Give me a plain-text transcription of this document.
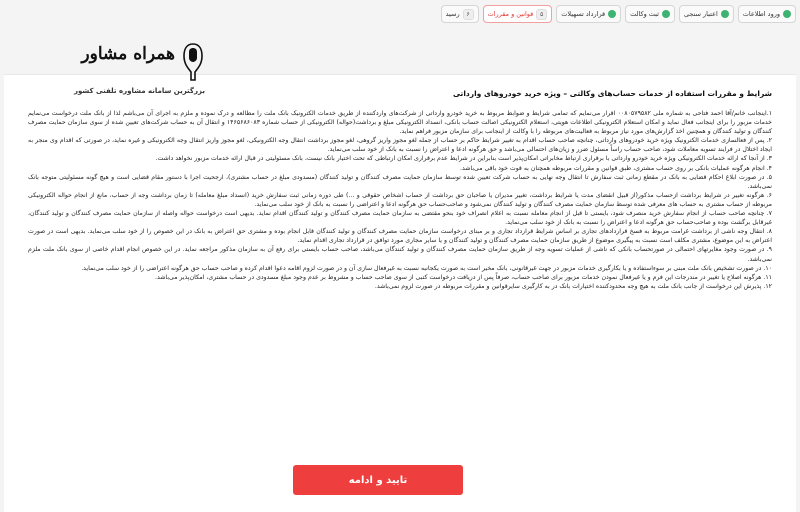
ورود اطلاعات
اعتبار سنجی
ثبت وکالت
قرارداد تسهیلات
۵
قوانین و مقررات
۶
رسید
شرایط و مقررات استفاده از خدمات حساب‌های وکالتی – ویژه خرید خودروهای وارداتی

۱.اینجانب خانم/آقا احمد فتاحی به شماره ملی ۰۰۸۰۵۷۹۵۸۲ اقرار می‌نمایم که تمامی شرایط و ضوابط مربوط به خرید خودرو وارداتی از شرکت‌های وارد‌کننده از طریق خدمات الکترونیک بانک ملت را مطالعه و درک نموده و ملزم به اجرای آن می‌باشم لذا از بانک ملت درخواست می‌نمایم خدمات مزبور را برای اینجانب فعال نماید و امکان استعلام الکترونیکی اطلاعات هویتی، استعلام الکترونیکی اصالت حساب بانکی، انسداد الکترونیکی مبلغ و برداشت(حواله) الکترونیکی از حساب شماره ۱۴۶۵۶۸۶۰۸۳ و انتقال آن به حساب شرکت‌های تعیین شده از سوی سازمان حمایت مصرف کنندگان و تولید کنندگان و همچنین اخذ گزارش‌های مورد نیاز مربوط به فعالیت‌های مربوطه را با وکالت از اینجانب برای سازمان مزبور فراهم نماید.

۲. پس از فعالسازی خدمات الکترونیک ویژه خرید خودروهای وارداتی، چنانچه صاحب حساب اقدام به تغییر شرایط حاکم بر حساب از جمله لغو مجوز واریز گروهی، لغو مجوز برداشت انتقال وجه الکترونیکی، لغو مجوز واریز انتقال وجه الکترونیکی و غیره نماید، در صورتی که اقدام وی منجر به ایجاد اختلال در فرایند تسویه معاملات شود، صاحب حساب راساً مسئول ضرر و زیان‌های احتمالی می‌باشد و حق هرگونه ادعا و اعتراض را نسبت به بانک از خود سلب می‌نماید.

۳. از آنجا که ارائه خدمات الکترونیکی ویژه خرید خودرو وارداتی با برقراری ارتباط مخابراتی امکان‌پذیر است بنابراین در شرایط عدم برقراری امکان ارتباطی که تحت اختیار بانک نیست، بانک مسئولیتی در قبال ارائه خدمات مزبور نخواهد داشت.

۴. انجام هرگونه عملیات بانکی بر روی حساب مشتری، طبق قوانین و مقررات مربوطه همچنان به قوت خود باقی می‌باشد.

۵. در صورت ابلاغ احکام قضایی به بانک در مقطع زمانی ثبت سفارش تا انتقال وجه نهایی به حساب شرکت تعیین شده توسط سازمان حمایت مصرف کنندگان و تولید کنندگان (مسدودی مبلغ در حساب مشتری)، ارجحیت اجرا با دستور مقام قضایی است و هیچ گونه مسئولیتی متوجه بانک نمی‌باشد.

۶. هرگونه تغییر در شرایط برداشت ازحساب مذکور(از قبیل انقضای مدت یا شرایط برداشت، تغییر مدیران یا صاحبان حق برداشت از حساب اشخاص حقوقی و ...) طی دوره زمانی ثبت سفارش خرید (انسداد مبلغ معامله) تا زمان برداشت وجه از حساب، مانع از انجام حواله الکترونیکی مربوطه از حساب مشتری به حساب های معرفی شده توسط سازمان حمایت مصرف کنندگان و تولید کنندگان نمی‌شود و صاحب‌حساب حق هرگونه ادعا و اعتراضی را نسبت به بانک از خود سلب می‌نماید.

۷. چنانچه صاحب حساب از انجام سفارش خرید منصرف شود، بایستی تا قبل از انجام معامله نسبت به اعلام انصراف خود بنحو مقتضی به سازمان حمایت مصرف کنندگان و تولید کنندگان اقدام نماید. بدیهی است درخواست حواله واصله از سازمان حمایت مصرف کنندگان و تولید کنندگان، غیرقابل برگشت بوده و صاحب‌حساب حق هرگونه ادعا و اعتراض را نسبت به بانک از خود سلب می‌نماید.

۸. انتقال وجه ناشی از برداشت غرامت مربوط به فسخ قراردادهای تجاری بر اساس شرایط قرارداد تجاری و بر مبنای درخواست سازمان حمایت مصرف کنندگان و تولید کنندگان قابل انجام بوده و مشتری حق اعتراض به بانک در این خصوص را از خود سلب می‌نماید. بدیهی است در صورت اعتراض به این موضوع، مشتری مکلف است نسبت به پیگیری موضوع از طریق سازمان حمایت مصرف کنندگان و تولید کنندگان و یا سایر مجاری مورد توافق در قرارداد تجاری اقدام نماید.

۹. در صورت وجود مغایرتهای احتمالی در صورتحساب بانکی که ناشی از عملیات تسویه وجه از طریق سازمان حمایت مصرف کنندگان و تولید کنندگان می‌باشد، صاحب حساب بایستی برای رفع آن به سازمان مذکور مراجعه نماید. در این خصوص انجام اقدام خاصی از سوی بانک ملت ملزم نمی‌باشد.

۱۰. در صورت تشخیص بانک ملت مبنی بر سوءاستفاده و یا بکارگیری خدمات مزبور در جهت غیرقانونی، بانک مخیر است به صورت یکجانبه نسبت به غیرفعال سازی آن و در صورت لزوم اقامه دعوا اقدام کرده و صاحب حساب حق هرگونه اعتراضی را از خود سلب می‌نماید.

۱۱. هرگونه اصلاح یا تغییر در مندرجات این فرم و یا غیرفعال نمودن خدمات مزبور برای صاحب حساب، صرفاً پس از دریافت درخواست کتبی از سوی صاحب حساب و مشروط بر عدم وجود مبلغ مسدودی در حساب مشتری، امکان‌پذیر می‌باشد.

۱۲. پذیرش این درخواست از جانب بانک ملت به هیچ وجه محدودکننده اختیارات بانک در به کارگیری سایرقوانین و مقررات مربوطه در صورت لزوم نمی‌باشد.

تایید و ادامه
همراه مشاور
بزرگترین سامانه مشاوره تلفنی کشور
